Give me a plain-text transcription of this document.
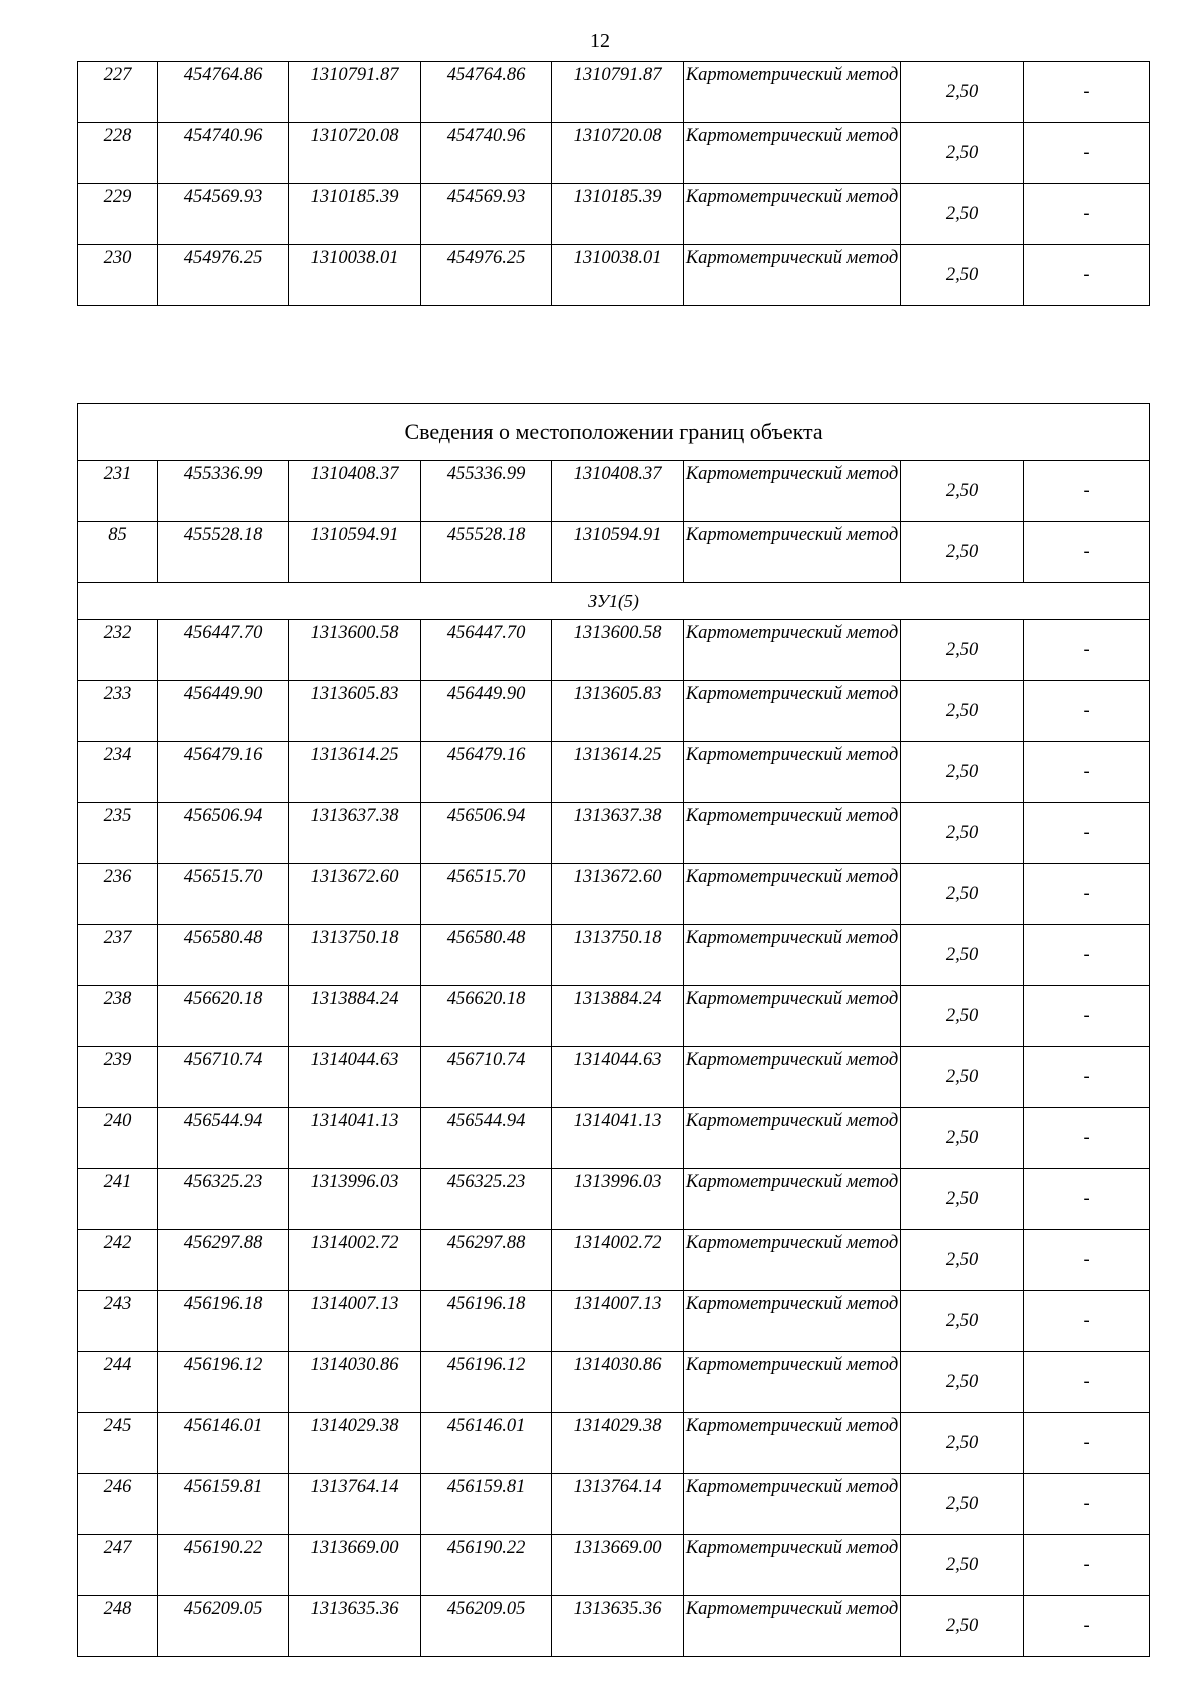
12
227	454764.86	1310791.87	454764.86	1310791.87	Картометрический метод	2,50	-
228	454740.96	1310720.08	454740.96	1310720.08	Картометрический метод	2,50	-
229	454569.93	1310185.39	454569.93	1310185.39	Картометрический метод	2,50	-
230	454976.25	1310038.01	454976.25	1310038.01	Картометрический метод	2,50	-
Сведения о местоположении границ объекта							
231	455336.99	1310408.37	455336.99	1310408.37	Картометрический метод	2,50	-
85	455528.18	1310594.91	455528.18	1310594.91	Картометрический метод	2,50	-
ЗУ1(5)							
232	456447.70	1313600.58	456447.70	1313600.58	Картометрический метод	2,50	-
233	456449.90	1313605.83	456449.90	1313605.83	Картометрический метод	2,50	-
234	456479.16	1313614.25	456479.16	1313614.25	Картометрический метод	2,50	-
235	456506.94	1313637.38	456506.94	1313637.38	Картометрический метод	2,50	-
236	456515.70	1313672.60	456515.70	1313672.60	Картометрический метод	2,50	-
237	456580.48	1313750.18	456580.48	1313750.18	Картометрический метод	2,50	-
238	456620.18	1313884.24	456620.18	1313884.24	Картометрический метод	2,50	-
239	456710.74	1314044.63	456710.74	1314044.63	Картометрический метод	2,50	-
240	456544.94	1314041.13	456544.94	1314041.13	Картометрический метод	2,50	-
241	456325.23	1313996.03	456325.23	1313996.03	Картометрический метод	2,50	-
242	456297.88	1314002.72	456297.88	1314002.72	Картометрический метод	2,50	-
243	456196.18	1314007.13	456196.18	1314007.13	Картометрический метод	2,50	-
244	456196.12	1314030.86	456196.12	1314030.86	Картометрический метод	2,50	-
245	456146.01	1314029.38	456146.01	1314029.38	Картометрический метод	2,50	-
246	456159.81	1313764.14	456159.81	1313764.14	Картометрический метод	2,50	-
247	456190.22	1313669.00	456190.22	1313669.00	Картометрический метод	2,50	-
248	456209.05	1313635.36	456209.05	1313635.36	Картометрический метод	2,50	-
